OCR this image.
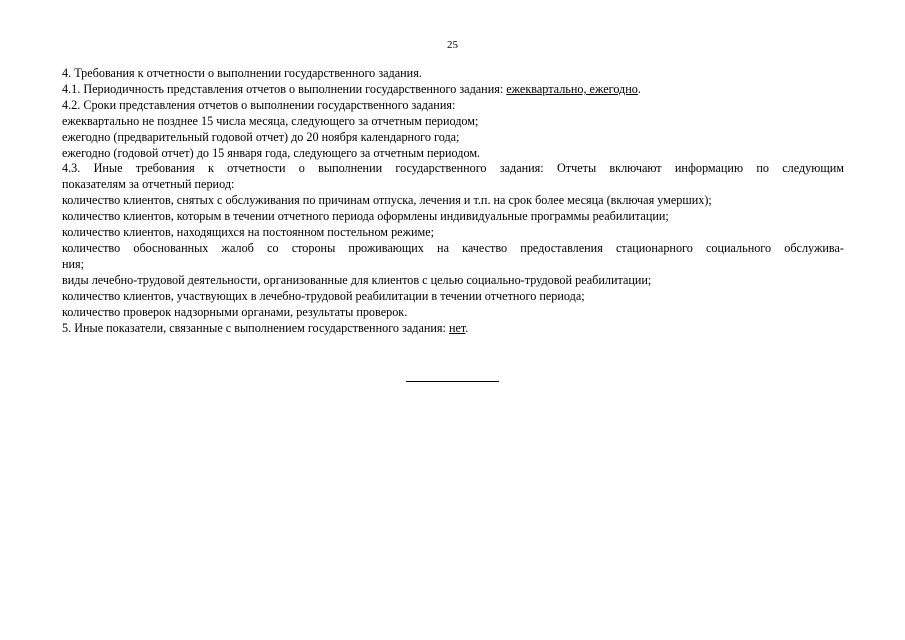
25
4. Требования к отчетности о выполнении государственного задания.
4.1. Периодичность представления отчетов о выполнении государственного задания: ежеквартально, ежегодно.
4.2. Сроки представления отчетов о выполнении государственного задания:
ежеквартально не позднее 15 числа месяца, следующего за отчетным периодом;
ежегодно (предварительный годовой отчет) до 20 ноября календарного года;
ежегодно (годовой отчет) до 15 января года, следующего за отчетным периодом.
4.3. Иные требования к отчетности о выполнении государственного задания: Отчеты включают информацию по следующим
показателям за отчетный период:
количество клиентов, снятых с обслуживания по причинам отпуска, лечения и т.п. на срок более месяца (включая умерших);
количество клиентов, которым в течении отчетного периода оформлены индивидуальные программы реабилитации;
количество клиентов, находящихся на постоянном постельном режиме;
количество обоснованных жалоб со стороны проживающих на качество предоставления стационарного социального обслужива-
ния;
виды лечебно-трудовой деятельности, организованные для клиентов с целью социально-трудовой реабилитации;
количество клиентов, участвующих в лечебно-трудовой реабилитации в течении отчетного периода;
количество проверок надзорными органами, результаты проверок.
5. Иные показатели, связанные с выполнением государственного задания: нет.
